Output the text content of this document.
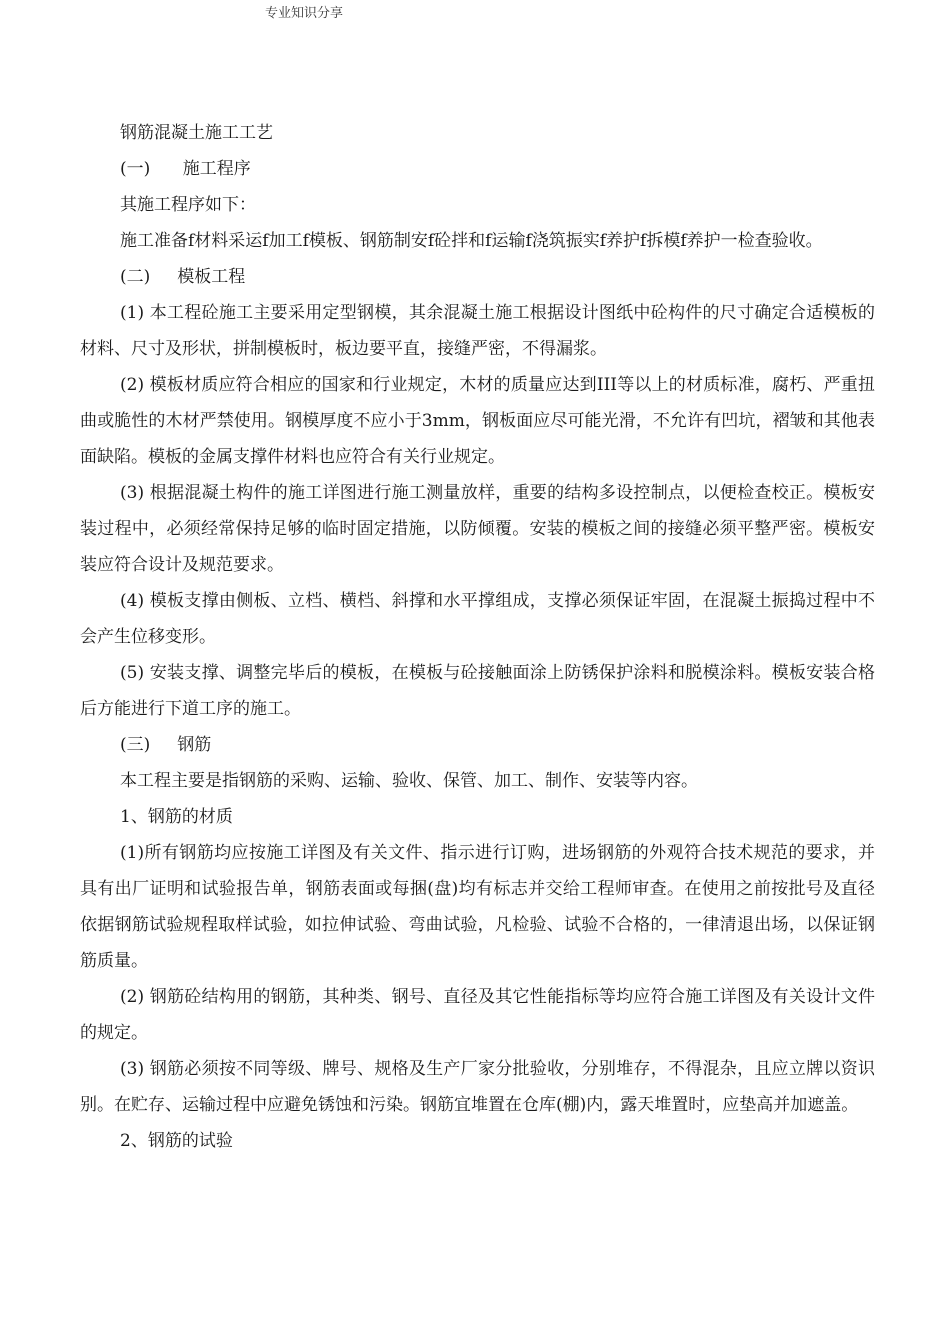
专业知识分享

钢筋混凝土施工工艺

(一) 施工程序

其施工程序如下：

施工准备f材料采运f加工f模板、钢筋制安f砼拌和f运输f浇筑振实f养护f拆模f养护一检查验收。

(二) 模板工程

(1) 本工程砼施工主要采用定型钢模，其余混凝土施工根据设计图纸中砼构件的尺寸确定合适模板的材料、尺寸及形状，拼制模板时，板边要平直，接缝严密，不得漏浆。

(2) 模板材质应符合相应的国家和行业规定，木材的质量应达到III等以上的材质标准，腐朽、严重扭曲或脆性的木材严禁使用。钢模厚度不应小于3mm，钢板面应尽可能光滑，不允许有凹坑，褶皱和其他表面缺陷。模板的金属支撑件材料也应符合有关行业规定。

(3) 根据混凝土构件的施工详图进行施工测量放样，重要的结构多设控制点，以便检查校正。模板安装过程中，必须经常保持足够的临时固定措施，以防倾覆。安装的模板之间的接缝必须平整严密。模板安装应符合设计及规范要求。

(4) 模板支撑由侧板、立档、横档、斜撑和水平撑组成，支撑必须保证牢固，在混凝土振捣过程中不会产生位移变形。

(5) 安装支撑、调整完毕后的模板，在模板与砼接触面涂上防锈保护涂料和脱模涂料。模板安装合格后方能进行下道工序的施工。

(三) 钢筋

本工程主要是指钢筋的采购、运输、验收、保管、加工、制作、安装等内容。

1、钢筋的材质

(1)所有钢筋均应按施工详图及有关文件、指示进行订购，进场钢筋的外观符合技术规范的要求，并具有出厂证明和试验报告单，钢筋表面或每捆(盘)均有标志并交给工程师审查。在使用之前按批号及直径依据钢筋试验规程取样试验，如拉伸试验、弯曲试验，凡检验、试验不合格的，一律清退出场，以保证钢筋质量。

(2) 钢筋砼结构用的钢筋，其种类、钢号、直径及其它性能指标等均应符合施工详图及有关设计文件的规定。

(3) 钢筋必须按不同等级、牌号、规格及生产厂家分批验收，分别堆存，不得混杂，且应立牌以资识别。在贮存、运输过程中应避免锈蚀和污染。钢筋宜堆置在仓库(棚)内，露天堆置时，应垫高并加遮盖。

2、钢筋的试验
